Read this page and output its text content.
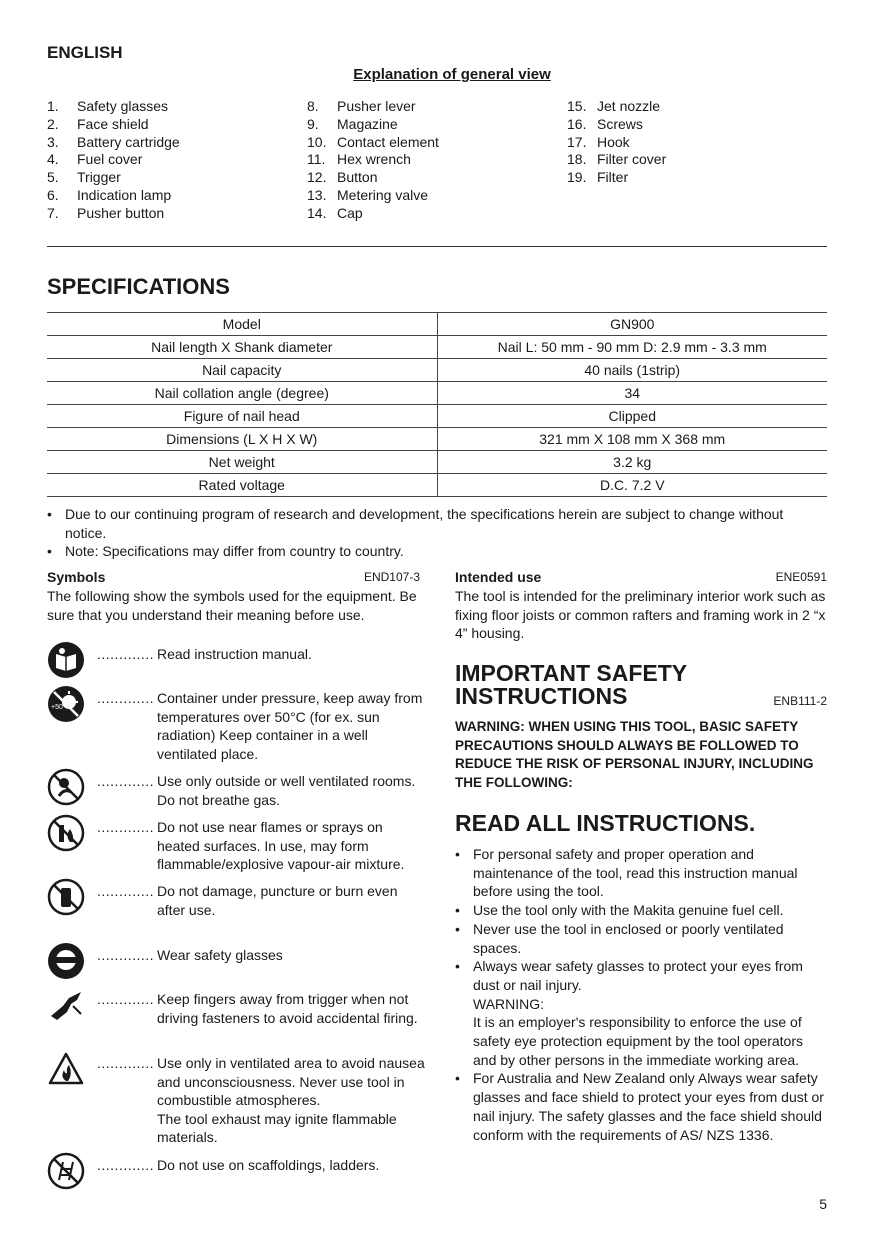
ENGLISH
Explanation of general view
1.	Safety glasses
2.	Face shield
3.	Battery cartridge
4.	Fuel cover
5.	Trigger
6.	Indication lamp
7.	Pusher button
8.	Pusher lever
9.	Magazine
10. Contact element
11. Hex wrench
12. Button
13. Metering valve
14. Cap
15. Jet nozzle
16. Screws
17. Hook
18. Filter cover
19. Filter
SPECIFICATIONS
Model	GN900
Nail length X Shank diameter	Nail L: 50 mm - 90 mm D: 2.9 mm - 3.3 mm
Nail capacity	40 nails (1strip)
Nail collation angle (degree)	34
Figure of nail head	Clipped
Dimensions (L X H X W)	321 mm X 108 mm X 368 mm
Net weight	3.2 kg
Rated voltage	D.C. 7.2 V
• Due to our continuing program of research and development, the specifications herein are subject to change without notice.
• Note: Specifications may differ from country to country.
Symbols	END107-3
The following show the symbols used for the equipment. Be sure that you understand their meaning before use.
............. Read instruction manual.
+50
............. Container under pressure, keep away from temperatures over 50°C (for ex. sun radiation) Keep container in a well ventilated place.
............. Use only outside or well ventilated rooms. Do not breathe gas.
............. Do not use near flames or sprays on heated surfaces. In use, may form flammable/explosive vapour-air mixture.
............. Do not damage, puncture or burn even after use.
............. Wear safety glasses
............. Keep fingers away from trigger when not driving fasteners to avoid accidental firing.
............. Use only in ventilated area to avoid nausea and unconsciousness. Never use tool in combustible atmospheres.
The tool exhaust may ignite flammable materials.
............. Do not use on scaffoldings, ladders.
Intended use	ENE0591
The tool is intended for the preliminary interior work such as fixing floor joists or common rafters and framing work in 2 “x 4” housing.
IMPORTANT SAFETY
INSTRUCTIONS	ENB111-2
WARNING: WHEN USING THIS TOOL, BASIC SAFETY PRECAUTIONS SHOULD ALWAYS BE FOLLOWED TO REDUCE THE RISK OF PERSONAL INJURY, INCLUDING THE FOLLOWING:
READ ALL INSTRUCTIONS.
• For personal safety and proper operation and maintenance of the tool, read this instruction manual before using the tool.
• Use the tool only with the Makita genuine fuel cell.
• Never use the tool in enclosed or poorly ventilated spaces.
• Always wear safety glasses to protect your eyes from dust or nail injury.
WARNING:
It is an employer's responsibility to enforce the use of safety eye protection equipment by the tool operators and by other persons in the immediate working area.
• For Australia and New Zealand only Always wear safety glasses and face shield to protect your eyes from dust or nail injury. The safety glasses and the face shield should conform with the requirements of AS/ NZS 1336.
5
